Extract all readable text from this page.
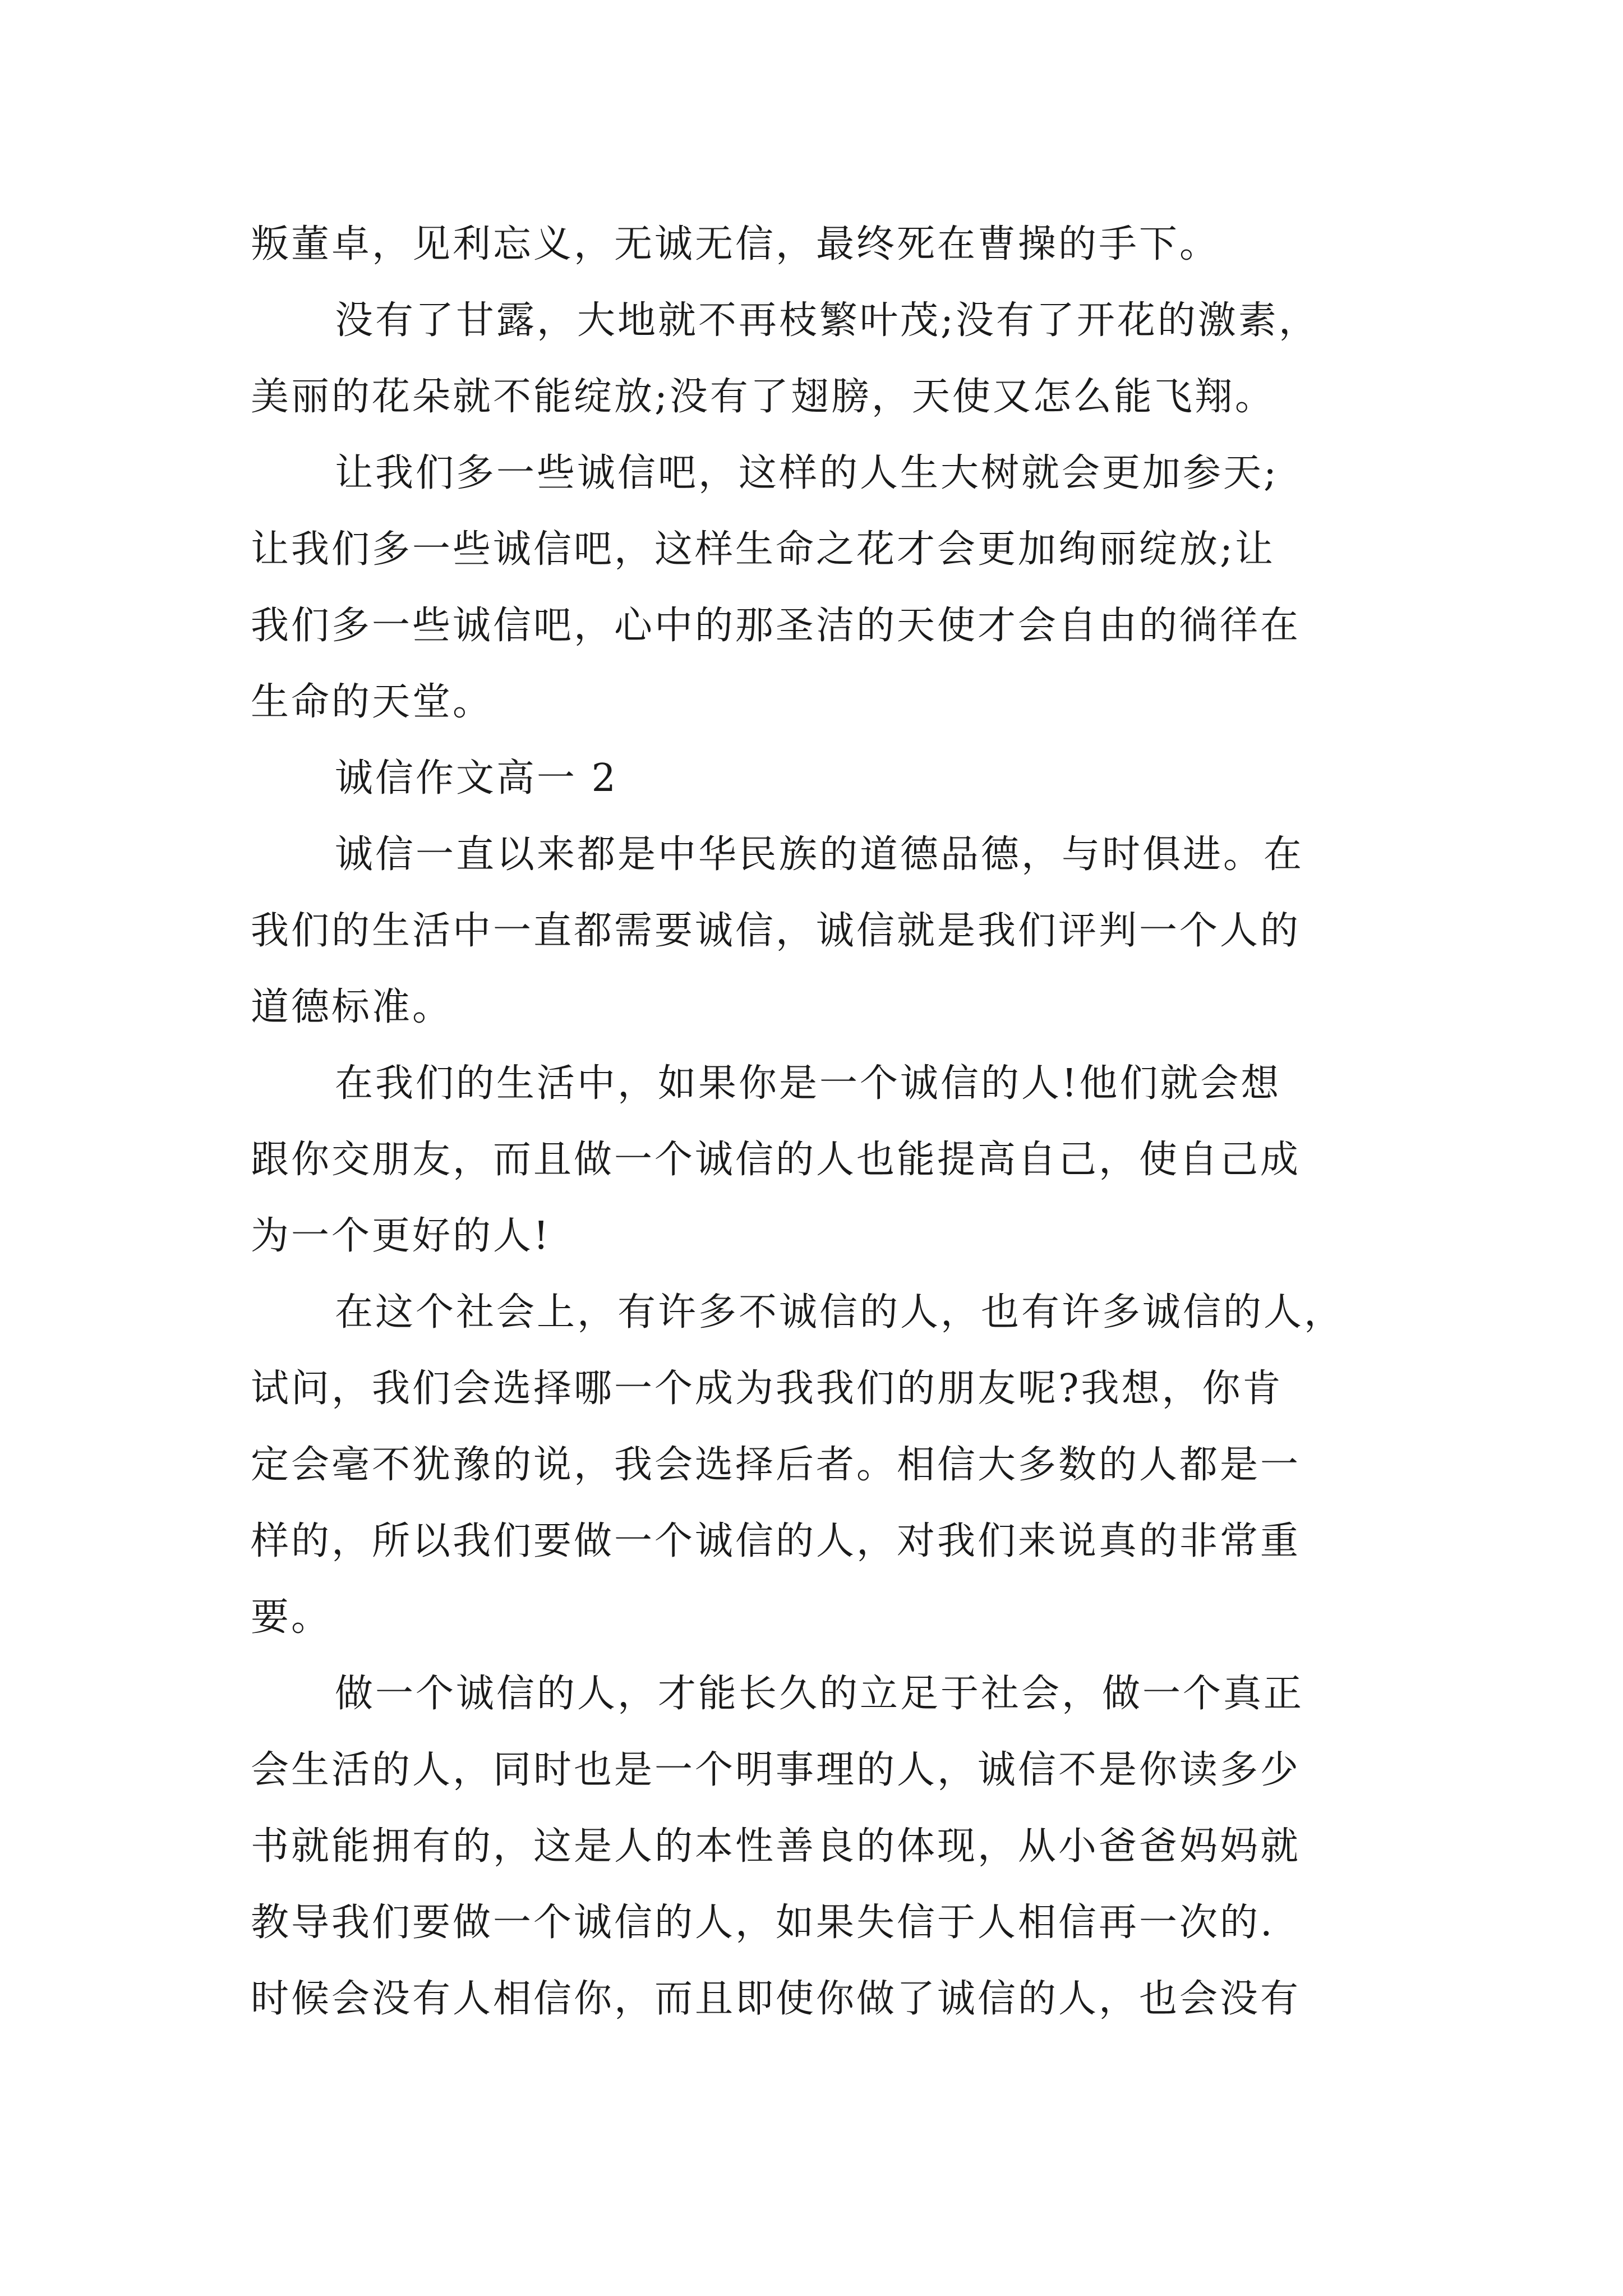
叛董卓，见利忘义，无诚无信，最终死在曹操的手下。

没有了甘露，大地就不再枝繁叶茂;没有了开花的激素，
美丽的花朵就不能绽放;没有了翅膀，天使又怎么能飞翔。

让我们多一些诚信吧，这样的人生大树就会更加参天;
让我们多一些诚信吧，这样生命之花才会更加绚丽绽放;让
我们多一些诚信吧，心中的那圣洁的天使才会自由的徜徉在
生命的天堂。

诚信作文高一 2

诚信一直以来都是中华民族的道德品德，与时俱进。在
我们的生活中一直都需要诚信，诚信就是我们评判一个人的
道德标准。

在我们的生活中，如果你是一个诚信的人!他们就会想
跟你交朋友，而且做一个诚信的人也能提高自己，使自己成
为一个更好的人!

在这个社会上，有许多不诚信的人，也有许多诚信的人，
试问，我们会选择哪一个成为我我们的朋友呢?我想，你肯
定会毫不犹豫的说，我会选择后者。相信大多数的人都是一
样的，所以我们要做一个诚信的人，对我们来说真的非常重
要。

做一个诚信的人，才能长久的立足于社会，做一个真正
会生活的人，同时也是一个明事理的人，诚信不是你读多少
书就能拥有的，这是人的本性善良的体现，从小爸爸妈妈就
教导我们要做一个诚信的人，如果失信于人相信再一次的.
时候会没有人相信你，而且即使你做了诚信的人，也会没有
